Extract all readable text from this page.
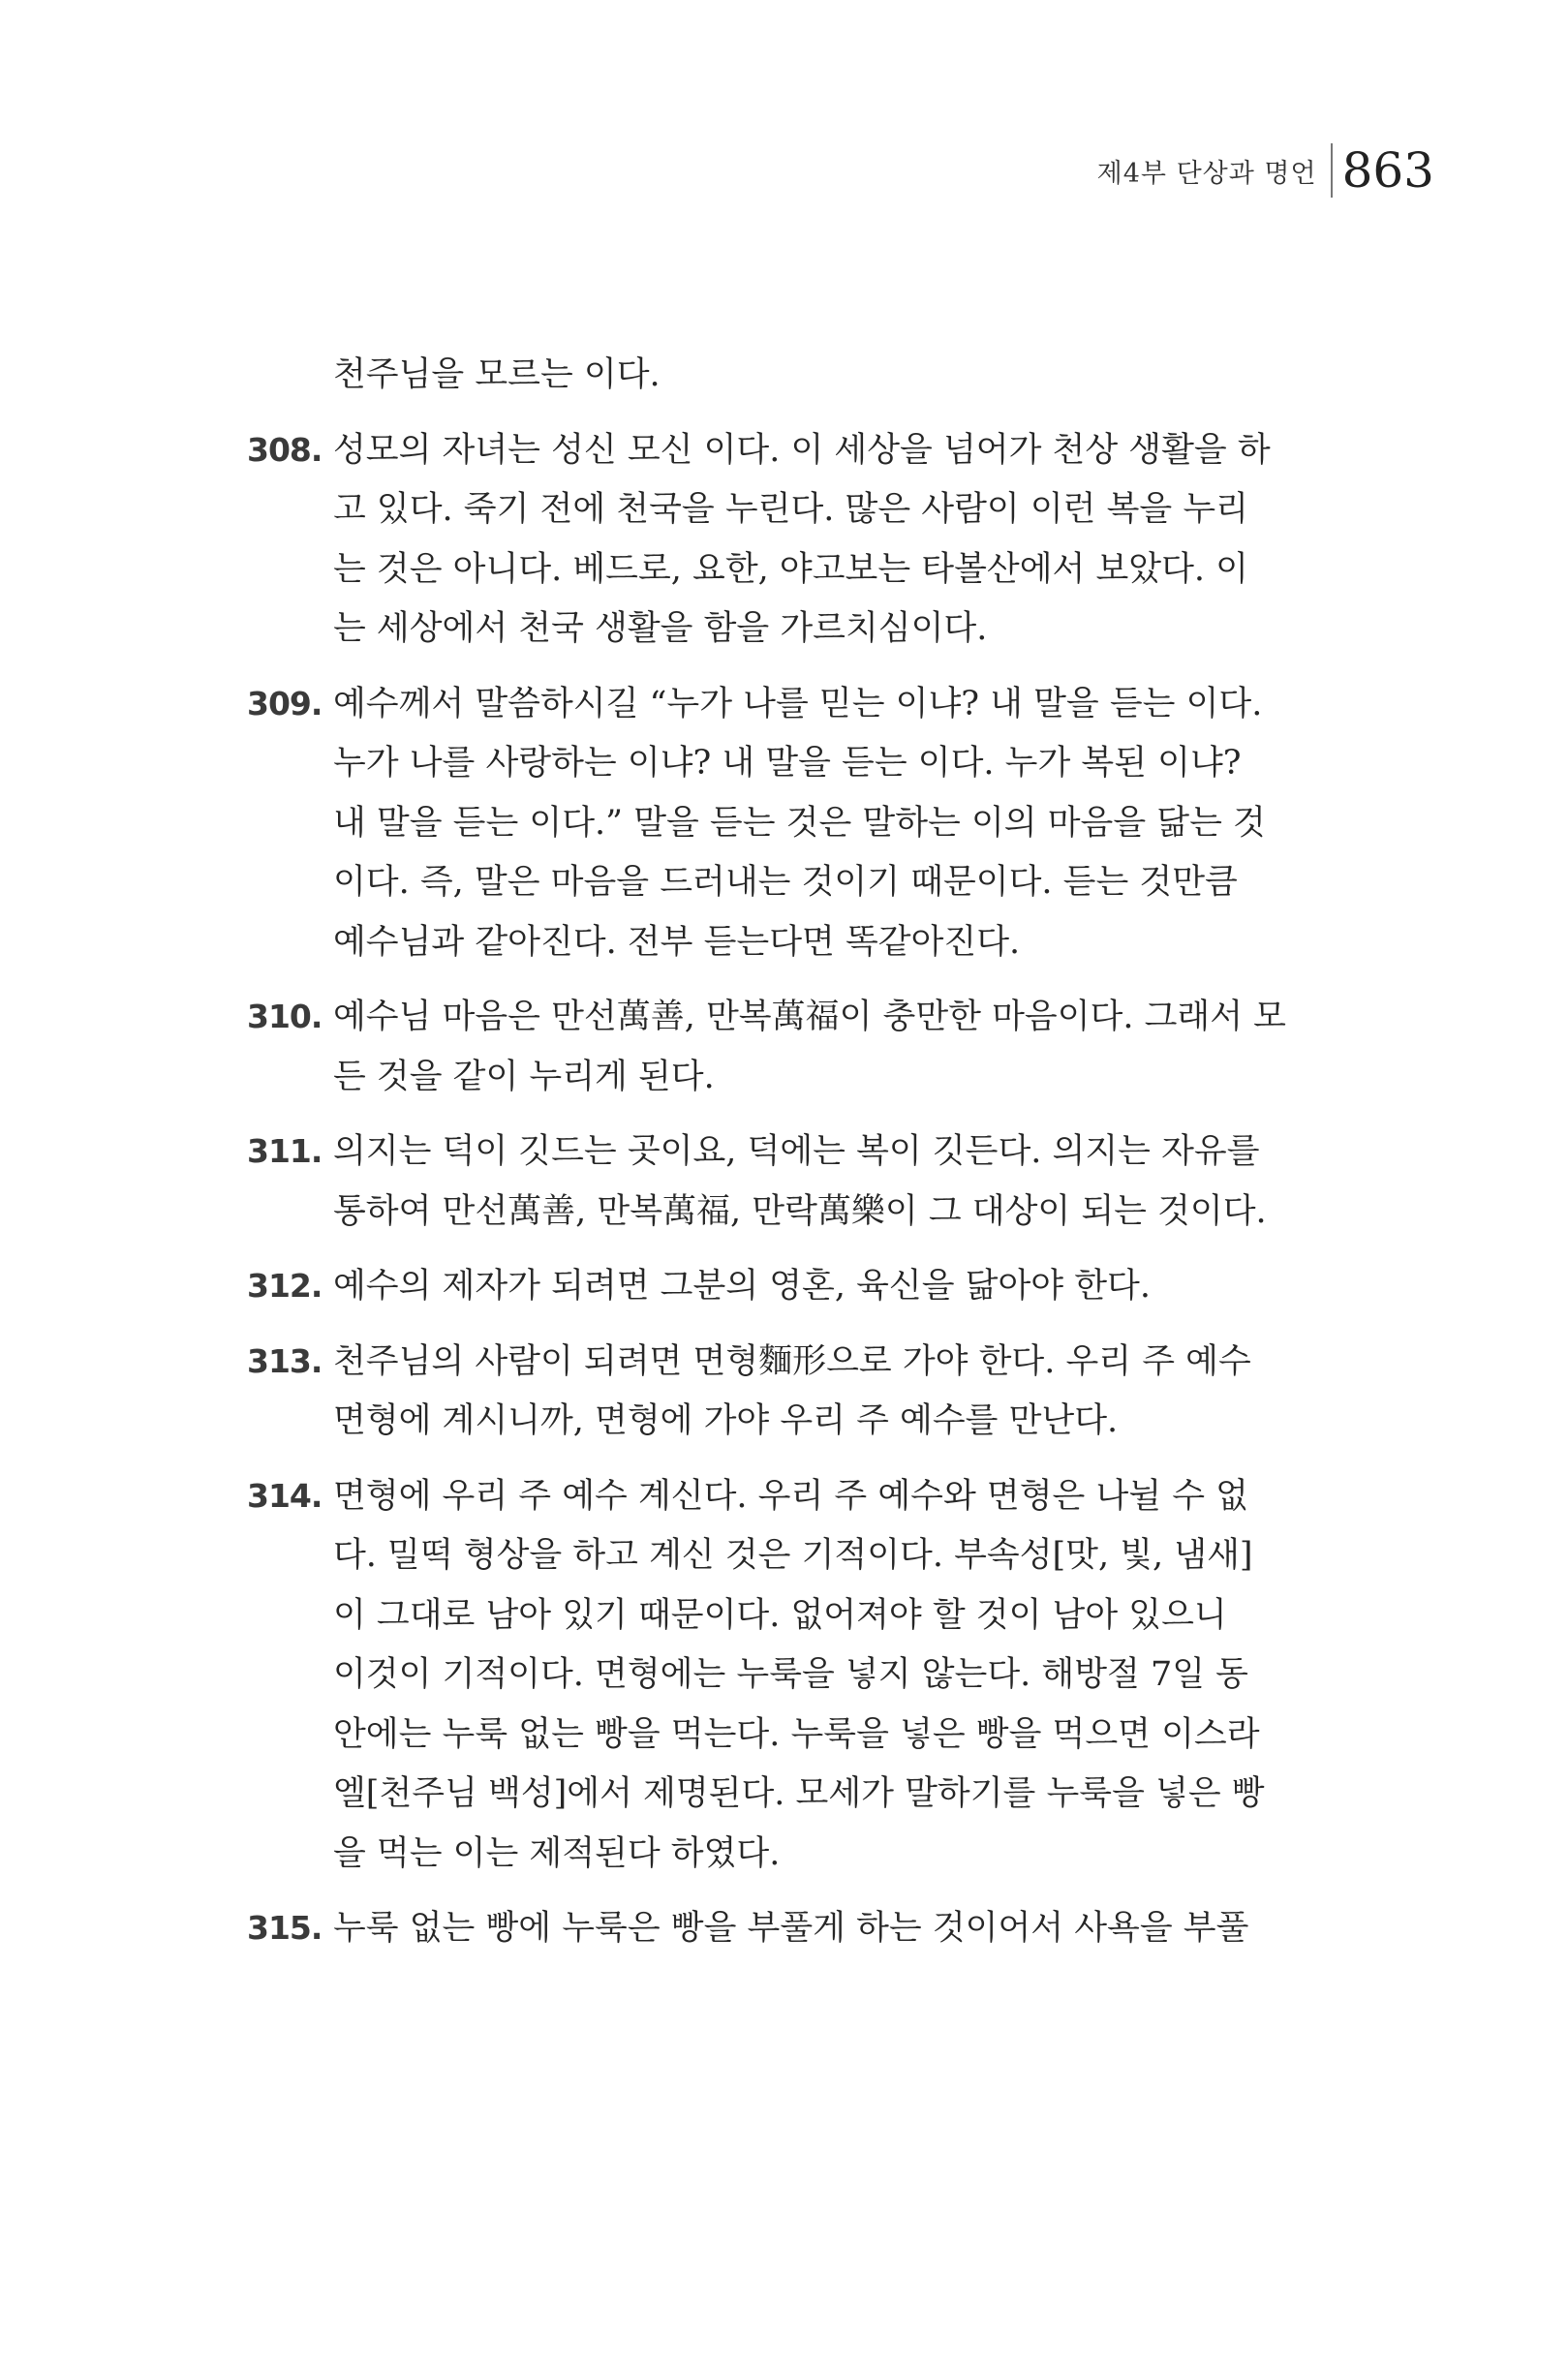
제4부 단상과 명언 863
천주님을 모르는 이다.
308. 성모의 자녀는 성신 모신 이다. 이 세상을 넘어가 천상 생활을 하
고 있다. 죽기 전에 천국을 누린다. 많은 사람이 이런 복을 누리
는 것은 아니다. 베드로, 요한, 야고보는 타볼산에서 보았다. 이
는 세상에서 천국 생활을 함을 가르치심이다.
309. 예수께서 말씀하시길 “누가 나를 믿는 이냐? 내 말을 듣는 이다.
누가 나를 사랑하는 이냐? 내 말을 듣는 이다. 누가 복된 이냐?
내 말을 듣는 이다.” 말을 듣는 것은 말하는 이의 마음을 닮는 것
이다. 즉, 말은 마음을 드러내는 것이기 때문이다. 듣는 것만큼
예수님과 같아진다. 전부 듣는다면 똑같아진다.
310. 예수님 마음은 만선萬善, 만복萬福이 충만한 마음이다. 그래서 모
든 것을 같이 누리게 된다.
311. 의지는 덕이 깃드는 곳이요, 덕에는 복이 깃든다. 의지는 자유를
통하여 만선萬善, 만복萬福, 만락萬樂이 그 대상이 되는 것이다.
312. 예수의 제자가 되려면 그분의 영혼, 육신을 닮아야 한다.
313. 천주님의 사람이 되려면 면형麵形으로 가야 한다. 우리 주 예수
면형에 계시니까, 면형에 가야 우리 주 예수를 만난다.
314. 면형에 우리 주 예수 계신다. 우리 주 예수와 면형은 나뉠 수 없
다. 밀떡 형상을 하고 계신 것은 기적이다. 부속성[맛, 빛, 냄새]
이 그대로 남아 있기 때문이다. 없어져야 할 것이 남아 있으니
이것이 기적이다. 면형에는 누룩을 넣지 않는다. 해방절 7일 동
안에는 누룩 없는 빵을 먹는다. 누룩을 넣은 빵을 먹으면 이스라
엘[천주님 백성]에서 제명된다. 모세가 말하기를 누룩을 넣은 빵
을 먹는 이는 제적된다 하였다.
315. 누룩 없는 빵에 누룩은 빵을 부풀게 하는 것이어서 사욕을 부풀
